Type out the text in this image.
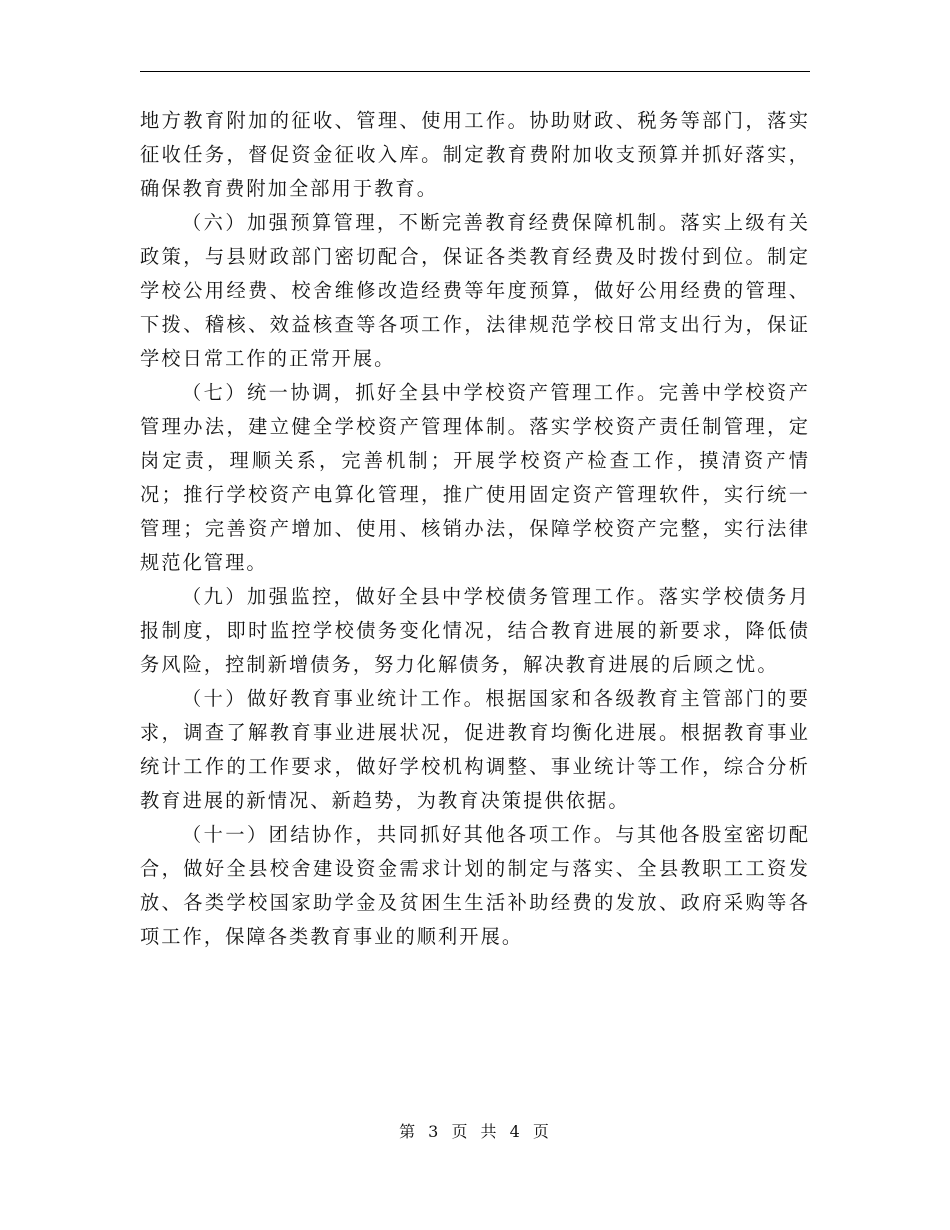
地方教育附加的征收、管理、使用工作。协助财政、税务等部门，落实征收任务，督促资金征收入库。制定教育费附加收支预算并抓好落实，确保教育费附加全部用于教育。

（六）加强预算管理，不断完善教育经费保障机制。落实上级有关政策，与县财政部门密切配合，保证各类教育经费及时拨付到位。制定学校公用经费、校舍维修改造经费等年度预算，做好公用经费的管理、下拨、稽核、效益核查等各项工作，法律规范学校日常支出行为，保证学校日常工作的正常开展。

（七）统一协调，抓好全县中学校资产管理工作。完善中学校资产管理办法，建立健全学校资产管理体制。落实学校资产责任制管理，定岗定责，理顺关系，完善机制；开展学校资产检查工作，摸清资产情况；推行学校资产电算化管理，推广使用固定资产管理软件，实行统一管理；完善资产增加、使用、核销办法，保障学校资产完整，实行法律规范化管理。

（九）加强监控，做好全县中学校债务管理工作。落实学校债务月报制度，即时监控学校债务变化情况，结合教育进展的新要求，降低债务风险，控制新增债务，努力化解债务，解决教育进展的后顾之忧。

（十）做好教育事业统计工作。根据国家和各级教育主管部门的要求，调查了解教育事业进展状况，促进教育均衡化进展。根据教育事业统计工作的工作要求，做好学校机构调整、事业统计等工作，综合分析教育进展的新情况、新趋势，为教育决策提供依据。

（十一）团结协作，共同抓好其他各项工作。与其他各股室密切配合，做好全县校舍建设资金需求计划的制定与落实、全县教职工工资发放、各类学校国家助学金及贫困生生活补助经费的发放、政府采购等各项工作，保障各类教育事业的顺利开展。

第 3 页 共 4 页
